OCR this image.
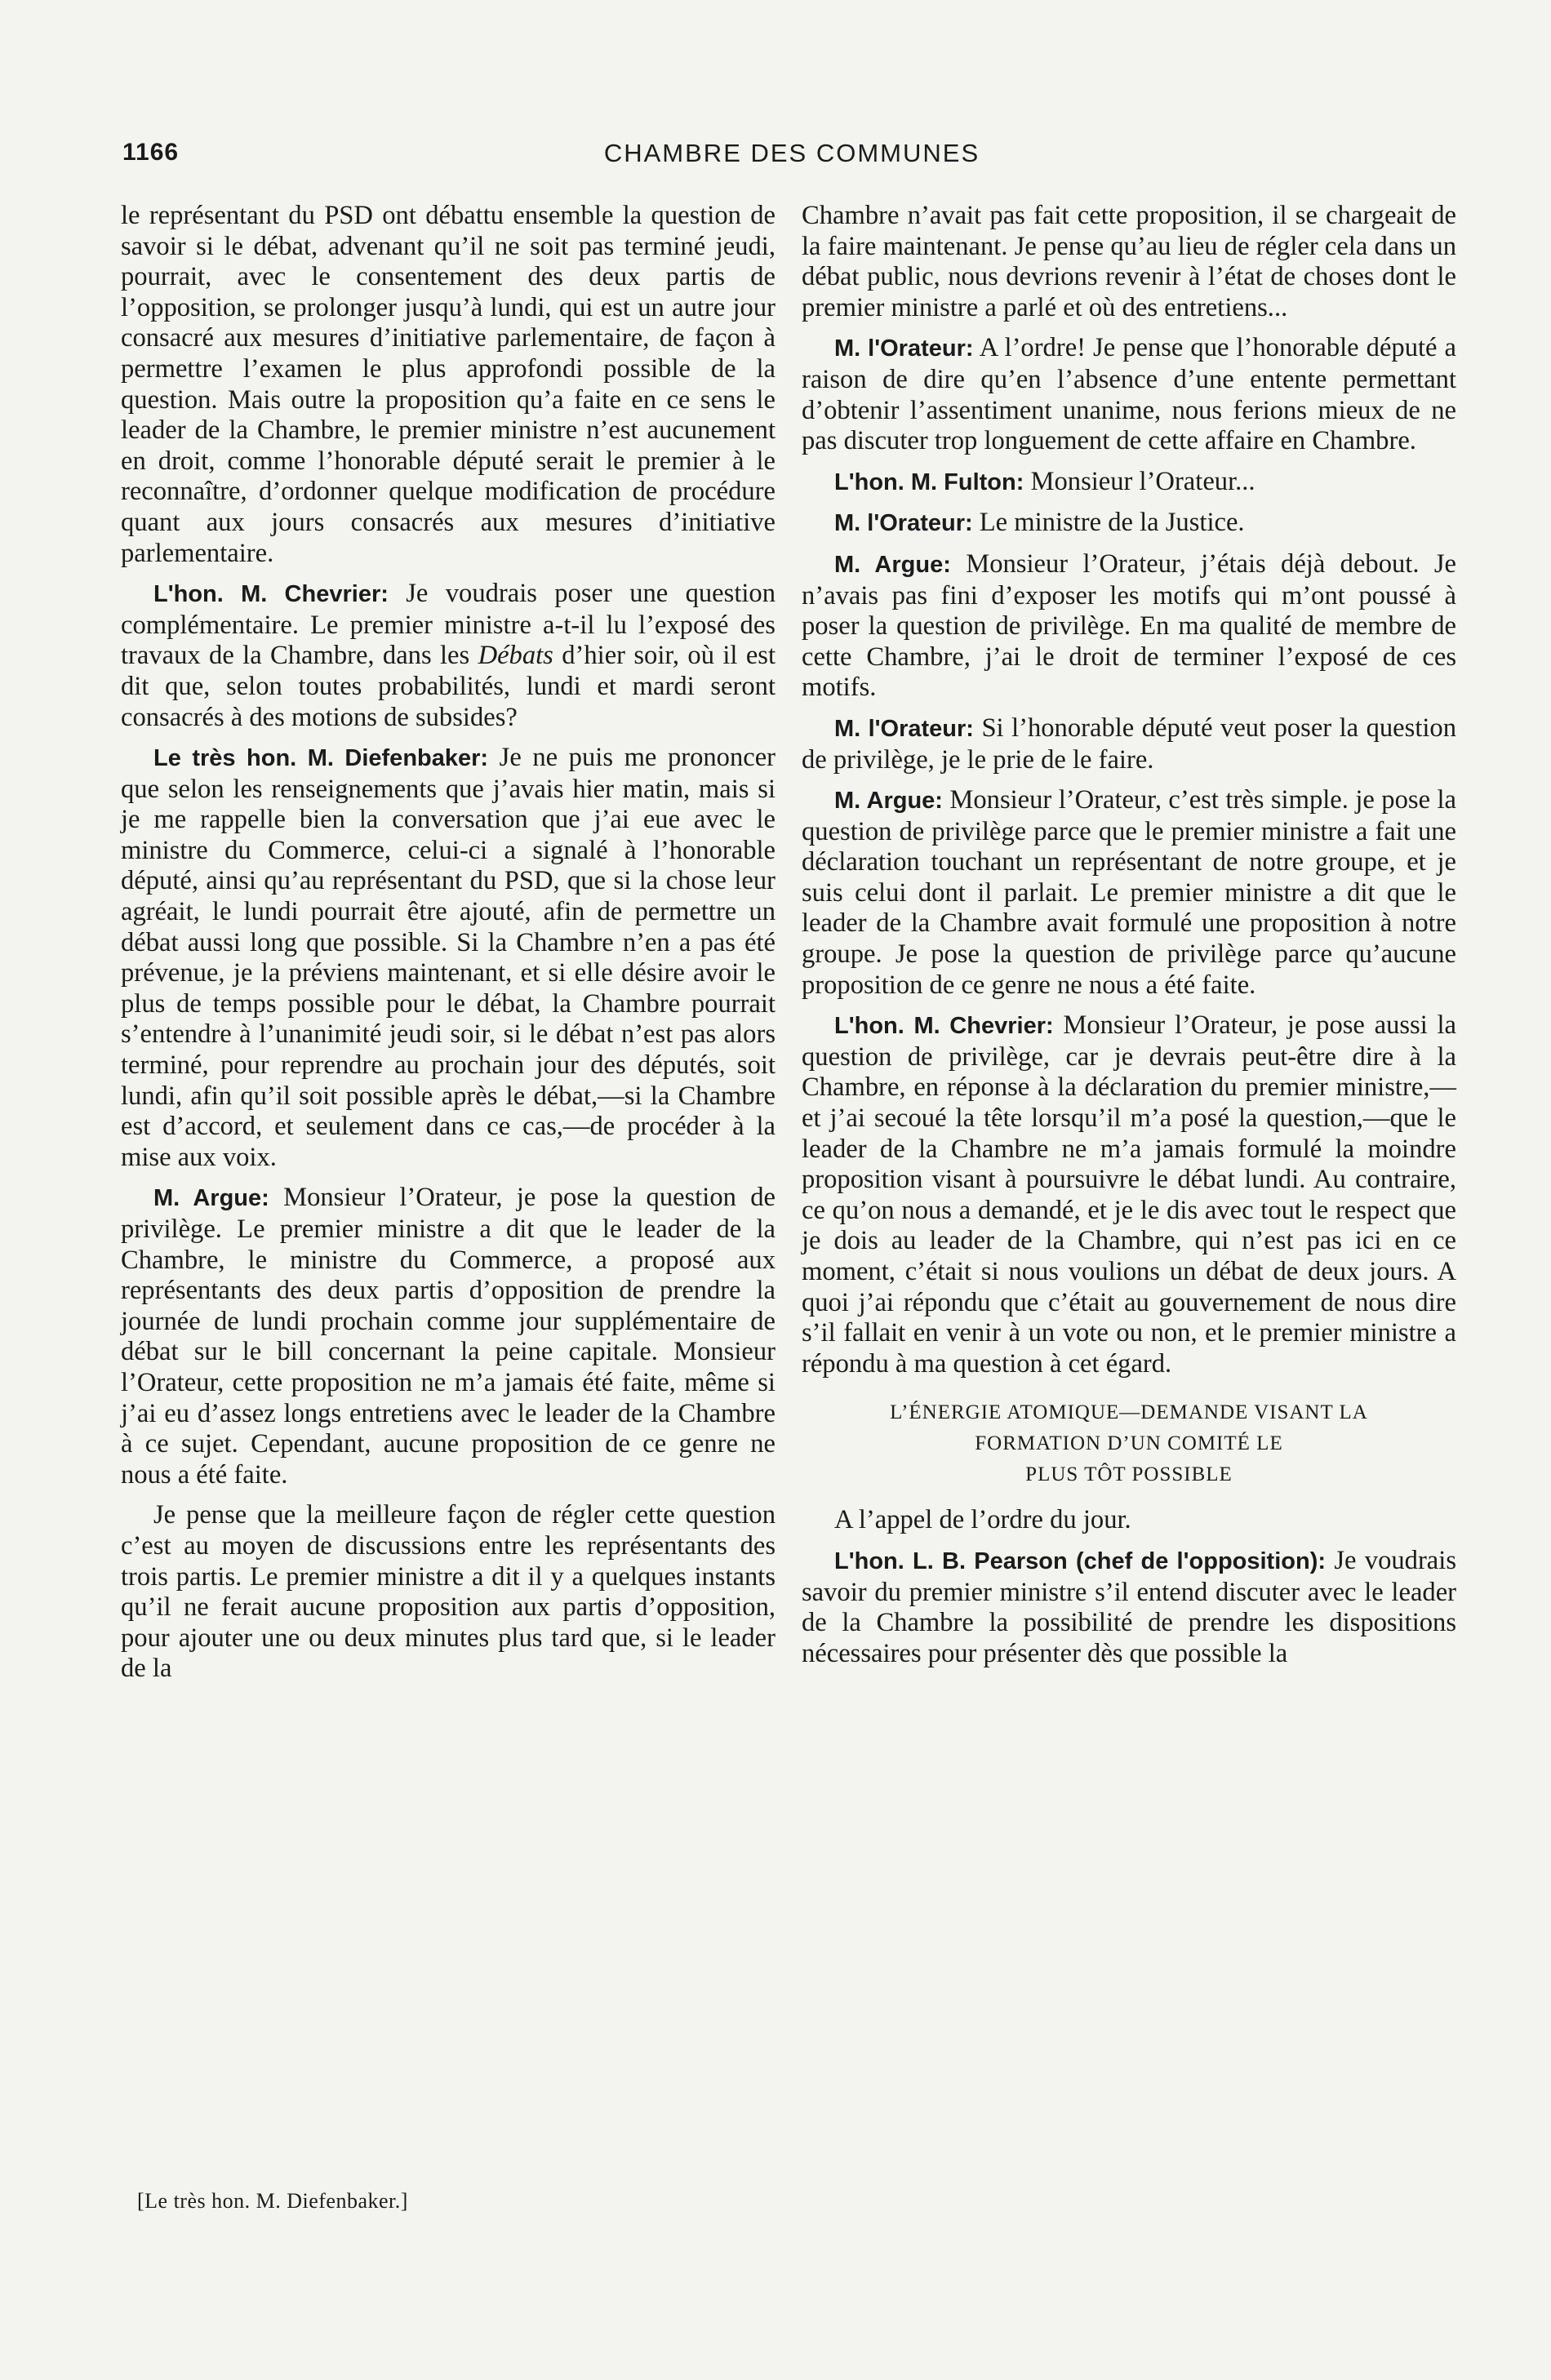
1166	CHAMBRE DES COMMUNES

le représentant du PSD ont débattu ensemble la question de savoir si le débat, advenant qu’il ne soit pas terminé jeudi, pourrait, avec le consentement des deux partis de l’opposition, se prolonger jusqu’à lundi, qui est un autre jour consacré aux mesures d’initiative parlementaire, de façon à permettre l’examen le plus approfondi possible de la question. Mais outre la proposition qu’a faite en ce sens le leader de la Chambre, le premier ministre n’est aucunement en droit, comme l’honorable député serait le premier à le reconnaître, d’ordonner quelque modification de procédure quant aux jours consacrés aux mesures d’initiative parlementaire.

L'hon. M. Chevrier: Je voudrais poser une question complémentaire. Le premier ministre a-t-il lu l’exposé des travaux de la Chambre, dans les Débats d’hier soir, où il est dit que, selon toutes probabilités, lundi et mardi seront consacrés à des motions de subsides?

Le très hon. M. Diefenbaker: Je ne puis me prononcer que selon les renseignements que j’avais hier matin, mais si je me rappelle bien la conversation que j’ai eue avec le ministre du Commerce, celui-ci a signalé à l’honorable député, ainsi qu’au représentant du PSD, que si la chose leur agréait, le lundi pourrait être ajouté, afin de permettre un débat aussi long que possible. Si la Chambre n’en a pas été prévenue, je la préviens maintenant, et si elle désire avoir le plus de temps possible pour le débat, la Chambre pourrait s’entendre à l’unanimité jeudi soir, si le débat n’est pas alors terminé, pour reprendre au prochain jour des députés, soit lundi, afin qu’il soit possible après le débat,—si la Chambre est d’accord, et seulement dans ce cas,—de procéder à la mise aux voix.

M. Argue: Monsieur l’Orateur, je pose la question de privilège. Le premier ministre a dit que le leader de la Chambre, le ministre du Commerce, a proposé aux représentants des deux partis d’opposition de prendre la journée de lundi prochain comme jour supplémentaire de débat sur le bill concernant la peine capitale. Monsieur l’Orateur, cette proposition ne m’a jamais été faite, même si j’ai eu d’assez longs entretiens avec le leader de la Chambre à ce sujet. Cependant, aucune proposition de ce genre ne nous a été faite.

Je pense que la meilleure façon de régler cette question c’est au moyen de discussions entre les représentants des trois partis. Le premier ministre a dit il y a quelques instants qu’il ne ferait aucune proposition aux partis d’opposition, pour ajouter une ou deux minutes plus tard que, si le leader de la

Chambre n’avait pas fait cette proposition, il se chargeait de la faire maintenant. Je pense qu’au lieu de régler cela dans un débat public, nous devrions revenir à l’état de choses dont le premier ministre a parlé et où des entretiens...

M. l'Orateur: A l’ordre! Je pense que l’honorable député a raison de dire qu’en l’absence d’une entente permettant d’obtenir l’assentiment unanime, nous ferions mieux de ne pas discuter trop longuement de cette affaire en Chambre.

L'hon. M. Fulton: Monsieur l’Orateur...

M. l'Orateur: Le ministre de la Justice.

M. Argue: Monsieur l’Orateur, j’étais déjà debout. Je n’avais pas fini d’exposer les motifs qui m’ont poussé à poser la question de privilège. En ma qualité de membre de cette Chambre, j’ai le droit de terminer l’exposé de ces motifs.

M. l'Orateur: Si l’honorable député veut poser la question de privilège, je le prie de le faire.

M. Argue: Monsieur l’Orateur, c’est très simple. je pose la question de privilège parce que le premier ministre a fait une déclaration touchant un représentant de notre groupe, et je suis celui dont il parlait. Le premier ministre a dit que le leader de la Chambre avait formulé une proposition à notre groupe. Je pose la question de privilège parce qu’aucune proposition de ce genre ne nous a été faite.

L'hon. M. Chevrier: Monsieur l’Orateur, je pose aussi la question de privilège, car je devrais peut-être dire à la Chambre, en réponse à la déclaration du premier ministre,—et j’ai secoué la tête lorsqu’il m’a posé la question,—que le leader de la Chambre ne m’a jamais formulé la moindre proposition visant à poursuivre le débat lundi. Au contraire, ce qu’on nous a demandé, et je le dis avec tout le respect que je dois au leader de la Chambre, qui n’est pas ici en ce moment, c’était si nous voulions un débat de deux jours. A quoi j’ai répondu que c’était au gouvernement de nous dire s’il fallait en venir à un vote ou non, et le premier ministre a répondu à ma question à cet égard.

L’ÉNERGIE ATOMIQUE—DEMANDE VISANT LA
FORMATION D’UN COMITÉ LE
PLUS TÔT POSSIBLE

A l’appel de l’ordre du jour.

L'hon. L. B. Pearson (chef de l'opposition): Je voudrais savoir du premier ministre s’il entend discuter avec le leader de la Chambre la possibilité de prendre les dispositions nécessaires pour présenter dès que possible la

[Le très hon. M. Diefenbaker.]
